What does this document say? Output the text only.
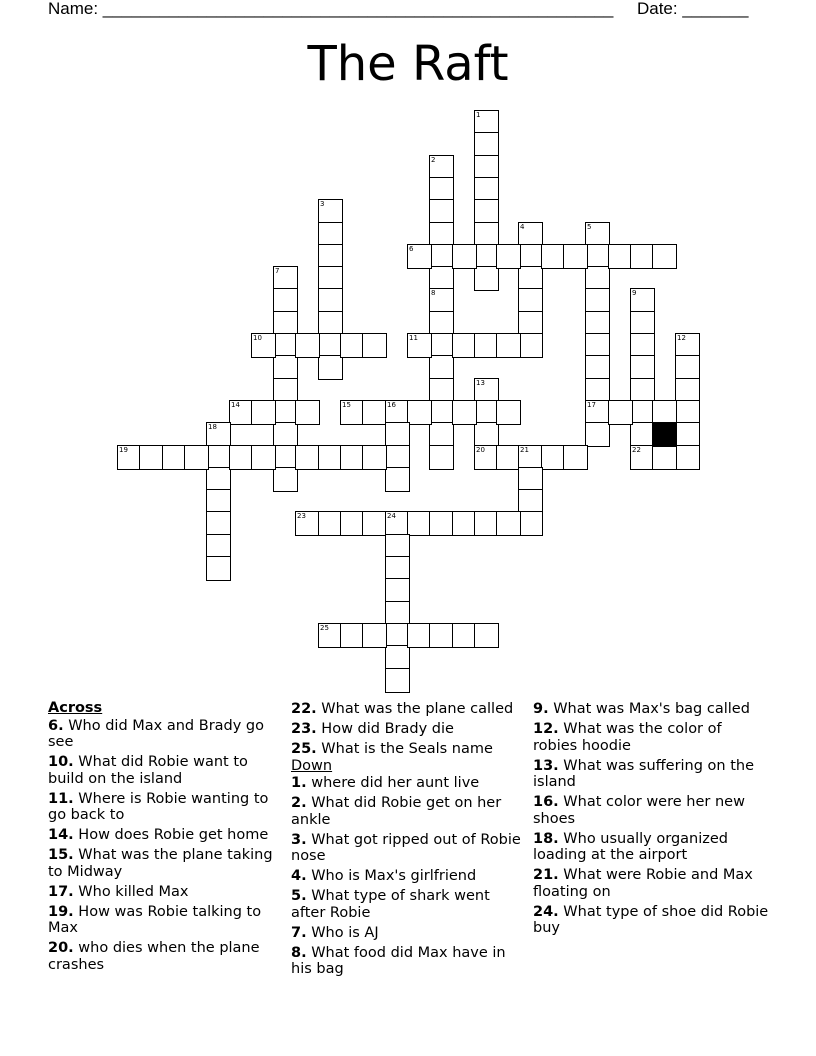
Name: ______________________________________________________ Date: _______
The Raft
1
2
3
4	5
17
6
7
8	9
22
10	11	12
13
14	15	16
18
19	20	21
23	24
25
Across
6. Who did Max and Brady go see
10. What did Robie want to build on the island
11. Where is Robie wanting to go back to
14. How does Robie get home
15. What was the plane taking to Midway
17. Who killed Max
19. How was Robie talking to Max
20. who dies when the plane crashes
22. What was the plane called
23. How did Brady die
25. What is the Seals name
Down
1. where did her aunt live
2. What did Robie get on her ankle
3. What got ripped out of Robie nose
4. Who is Max's girlfriend
5. What type of shark went after Robie
7. Who is AJ
8. What food did Max have in his bag
9. What was Max's bag called
12. What was the color of robies hoodie
13. What was suffering on the island
16. What color were her new shoes
18. Who usually organized loading at the airport
21. What were Robie and Max floating on
24. What type of shoe did Robie buy
